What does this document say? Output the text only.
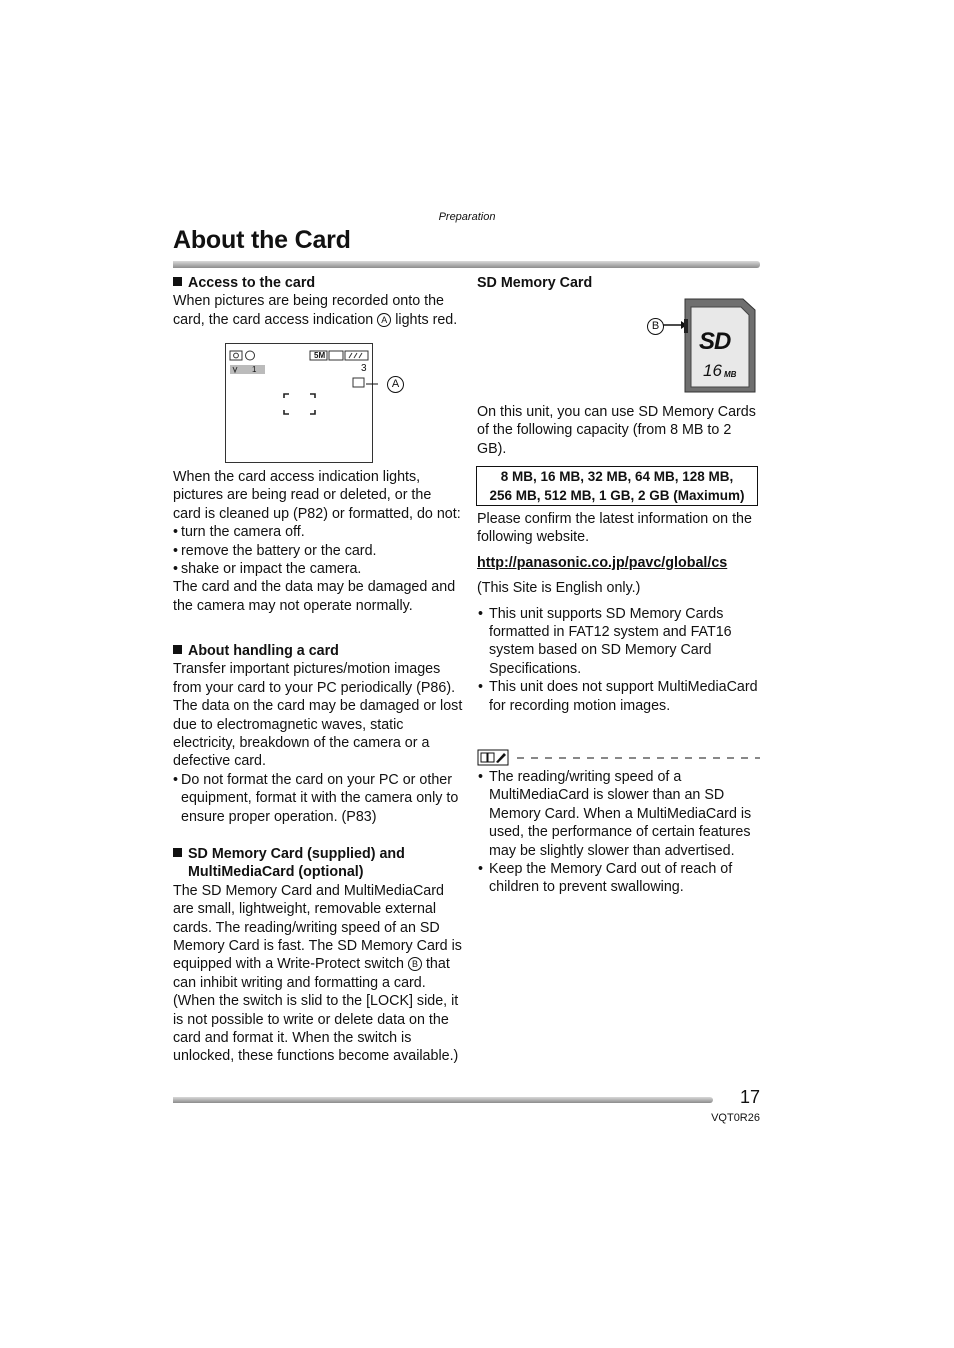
Preparation
About the Card

Access to the card

When pictures are being recorded onto the card, the card access indication A lights red.

5M
1	3
A

When the card access indication lights, pictures are being read or deleted, or the card is cleaned up (P82) or formatted, do not:

• turn the camera off.

• remove the battery or the card.

• shake or impact the camera.

The card and the data may be damaged and the camera may not operate normally.

About handling a card

Transfer important pictures/motion images from your card to your PC periodically (P86). The data on the card may be damaged or lost due to electromagnetic waves, static electricity, breakdown of the camera or a defective card.

• Do not format the card on your PC or other equipment, format it with the camera only to ensure proper operation. (P83)

SD Memory Card (supplied) and

MultiMediaCard (optional)

The SD Memory Card and MultiMediaCard are small, lightweight, removable external cards. The reading/writing speed of an SD Memory Card is fast. The SD Memory Card is equipped with a Write-Protect switch B that can inhibit writing and formatting a card. (When the switch is slid to the [LOCK] side, it is not possible to write or delete data on the card and format it. When the switch is unlocked, these functions become available.)

SD Memory Card

B
SD
16 MB

On this unit, you can use SD Memory Cards of the following capacity (from 8 MB to 2 GB).

8 MB, 16 MB, 32 MB, 64 MB, 128 MB,
256 MB, 512 MB, 1 GB, 2 GB (Maximum)

Please confirm the latest information on the following website.

http://panasonic.co.jp/pavc/global/cs

(This Site is English only.)

• This unit supports SD Memory Cards formatted in FAT12 system and FAT16 system based on SD Memory Card Specifications.

• This unit does not support MultiMediaCard for recording motion images.

• The reading/writing speed of a MultiMediaCard is slower than an SD Memory Card. When a MultiMediaCard is used, the performance of certain features may be slightly slower than advertised.

• Keep the Memory Card out of reach of children to prevent swallowing.

17
VQT0R26
